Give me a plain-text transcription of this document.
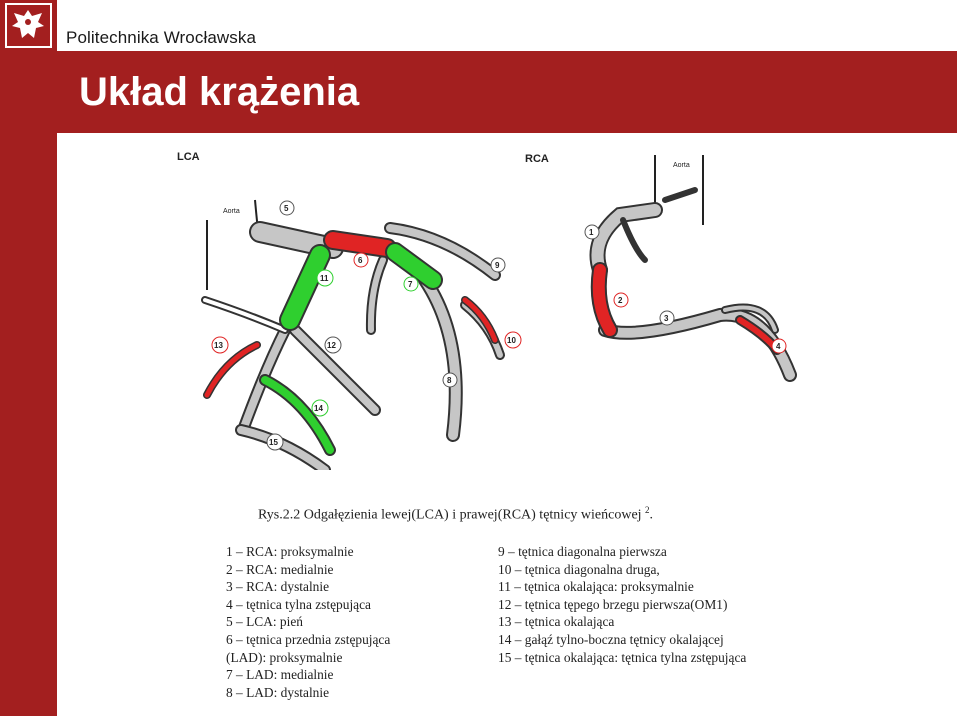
Politechnika Wrocławska
Układ krążenia
LCA	RCA
Aorta
Aorta
5
6
7
8
9
10
11
12
13
14
15
1
2
3
4
Rys.2.2 Odgałęzienia lewej(LCA) i prawej(RCA) tętnicy wieńcowej $^2$.
1 – RCA: proksymalnie
2 – RCA: medialnie
3 – RCA: dystalnie
4 – tętnica tylna zstępująca
5 – LCA: pień
6 – tętnica przednia zstępująca
(LAD): proksymalnie
7 – LAD: medialnie
8 – LAD: dystalnie
9 – tętnica diagonalna pierwsza
10 – tętnica diagonalna druga,
11 – tętnica okalająca: proksymalnie
12 – tętnica tępego brzegu pierwsza(OM1)
13 – tętnica okalająca
14 – gałąź tylno-boczna tętnicy okalającej
15 – tętnica okalająca: tętnica tylna zstępująca
